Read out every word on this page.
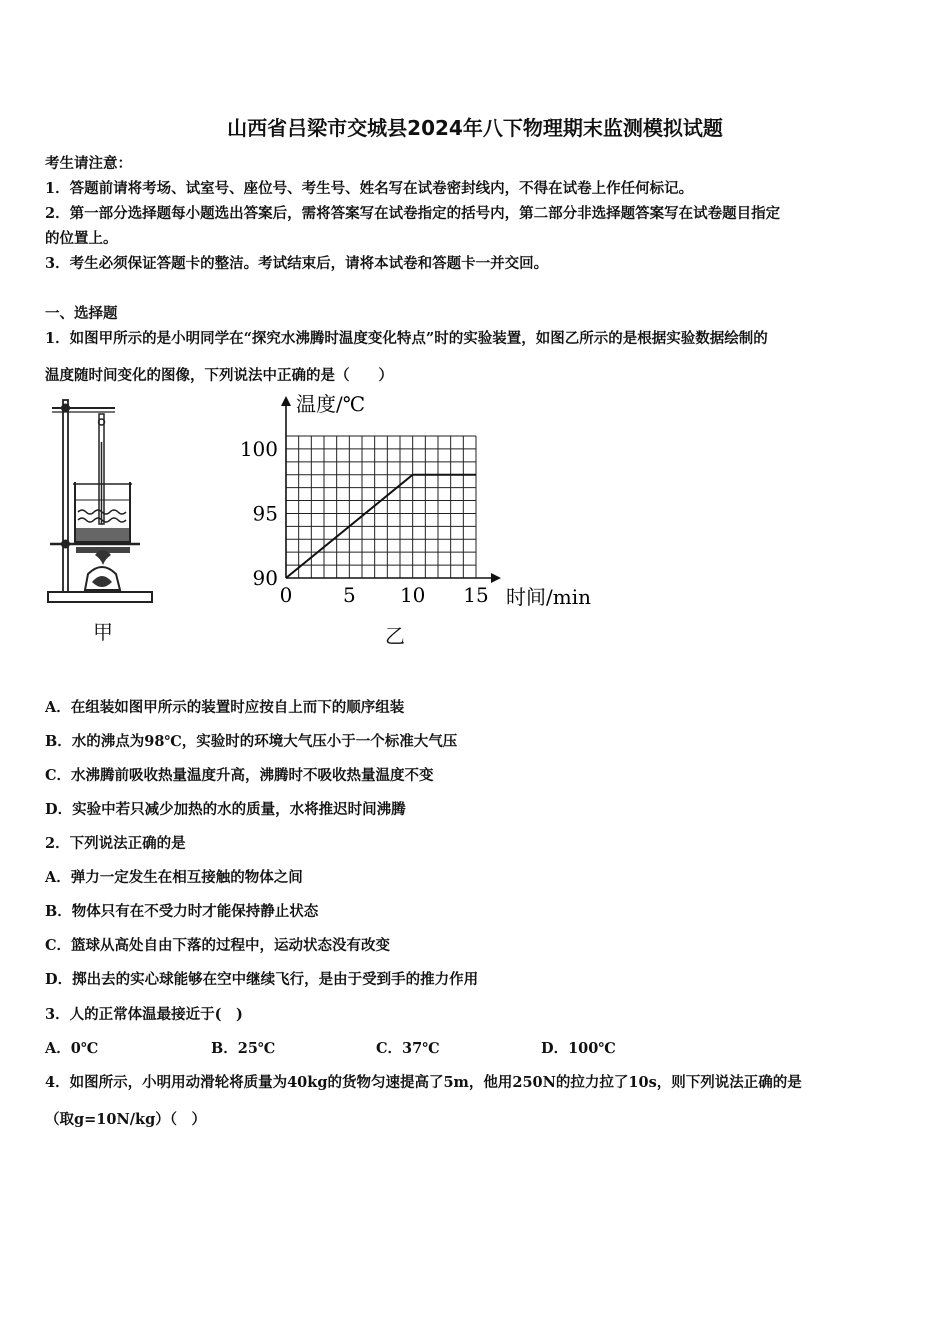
山西省吕梁市交城县2024年八下物理期末监测模拟试题
考生请注意：
1．答题前请将考场、试室号、座位号、考生号、姓名写在试卷密封线内，不得在试卷上作任何标记。
2．第一部分选择题每小题选出答案后，需将答案写在试卷指定的括号内，第二部分非选择题答案写在试卷题目指定
的位置上。
3．考生必须保证答题卡的整洁。考试结束后，请将本试卷和答题卡一并交回。
一、选择题
1．如图甲所示的是小明同学在“探究水沸腾时温度变化特点”时的实验装置，如图乙所示的是根据实验数据绘制的
温度随时间变化的图像，下列说法中正确的是（　　）
甲
90
95
100
0	5 10 15
温度/℃
时间/min
乙
A．在组装如图甲所示的装置时应按自上而下的顺序组装
B．水的沸点为98℃，实验时的环境大气压小于一个标准大气压
C．水沸腾前吸收热量温度升高，沸腾时不吸收热量温度不变
D．实验中若只减少加热的水的质量，水将推迟时间沸腾
2．下列说法正确的是
A．弹力一定发生在相互接触的物体之间
B．物体只有在不受力时才能保持静止状态
C．篮球从高处自由下落的过程中，运动状态没有改变
D．掷出去的实心球能够在空中继续飞行，是由于受到手的推力作用
3．人的正常体温最接近于(　)
A．0℃	B．25℃	C．37℃	D．100℃
4．如图所示，小明用动滑轮将质量为40kg的货物匀速提高了5m，他用250N的拉力拉了10s，则下列说法正确的是
（取g=10N/kg）（　）
